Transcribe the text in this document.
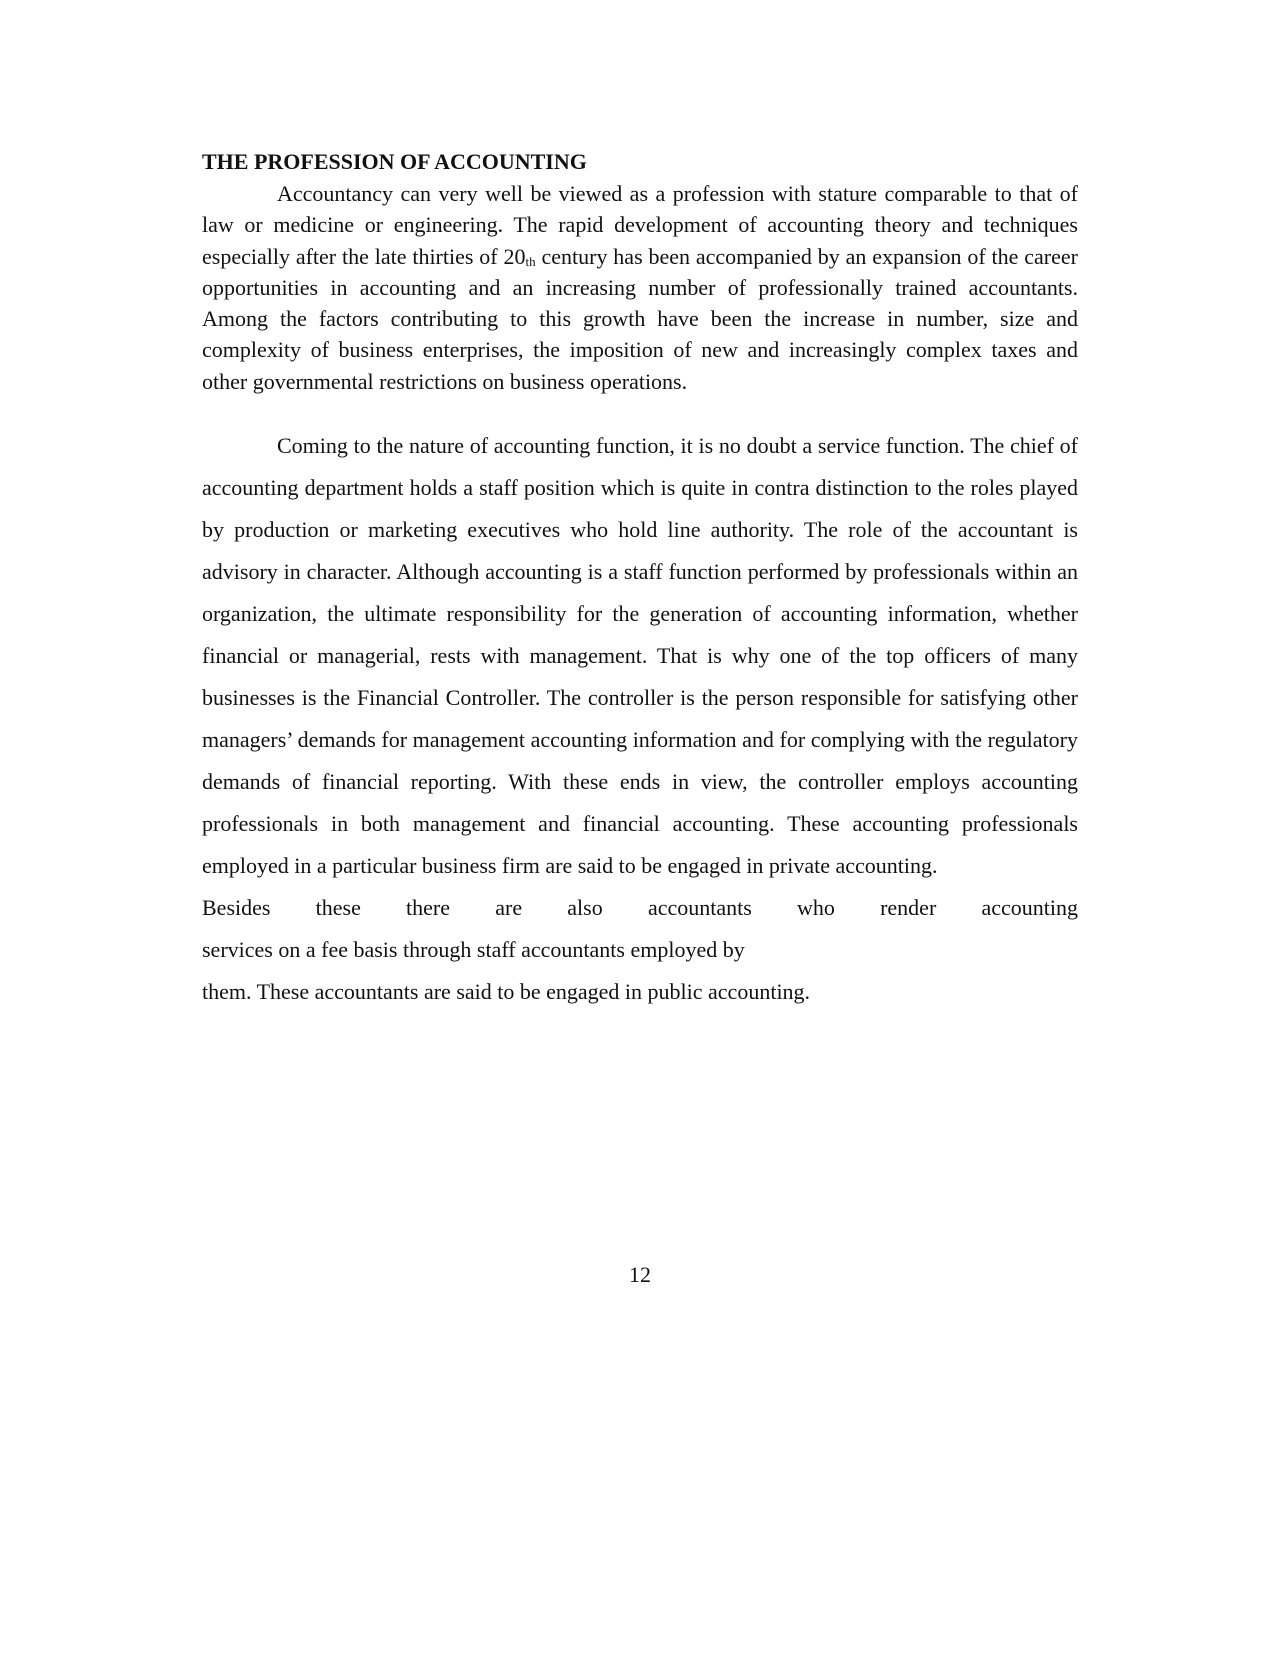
THE PROFESSION OF ACCOUNTING

Accountancy can very well be viewed as a profession with stature comparable to that of law or medicine or engineering. The rapid development of accounting theory and techniques especially after the late thirties of 20th century has been accompanied by an expansion of the career opportunities in accounting and an increasing number of professionally trained accountants. Among the factors contributing to this growth have been the increase in number, size and complexity of business enterprises, the imposition of new and increasingly complex taxes and other governmental restrictions on business operations.

Coming to the nature of accounting function, it is no doubt a service function. The chief of accounting department holds a staff position which is quite in contra distinction to the roles played by production or marketing executives who hold line authority. The role of the accountant is advisory in character. Although accounting is a staff function performed by professionals within an organization, the ultimate responsibility for the generation of accounting information, whether financial or managerial, rests with management. That is why one of the top officers of many businesses is the Financial Controller. The controller is the person responsible for satisfying other managers’ demands for management accounting information and for complying with the regulatory demands of financial reporting. With these ends in view, the controller employs accounting professionals in both management and financial accounting. These accounting professionals employed in a particular business firm are said to be engaged in private accounting.

Besides these there are also accountants who render accounting
services on a fee basis through staff accountants employed by
them. These accountants are said to be engaged in public accounting.

12
